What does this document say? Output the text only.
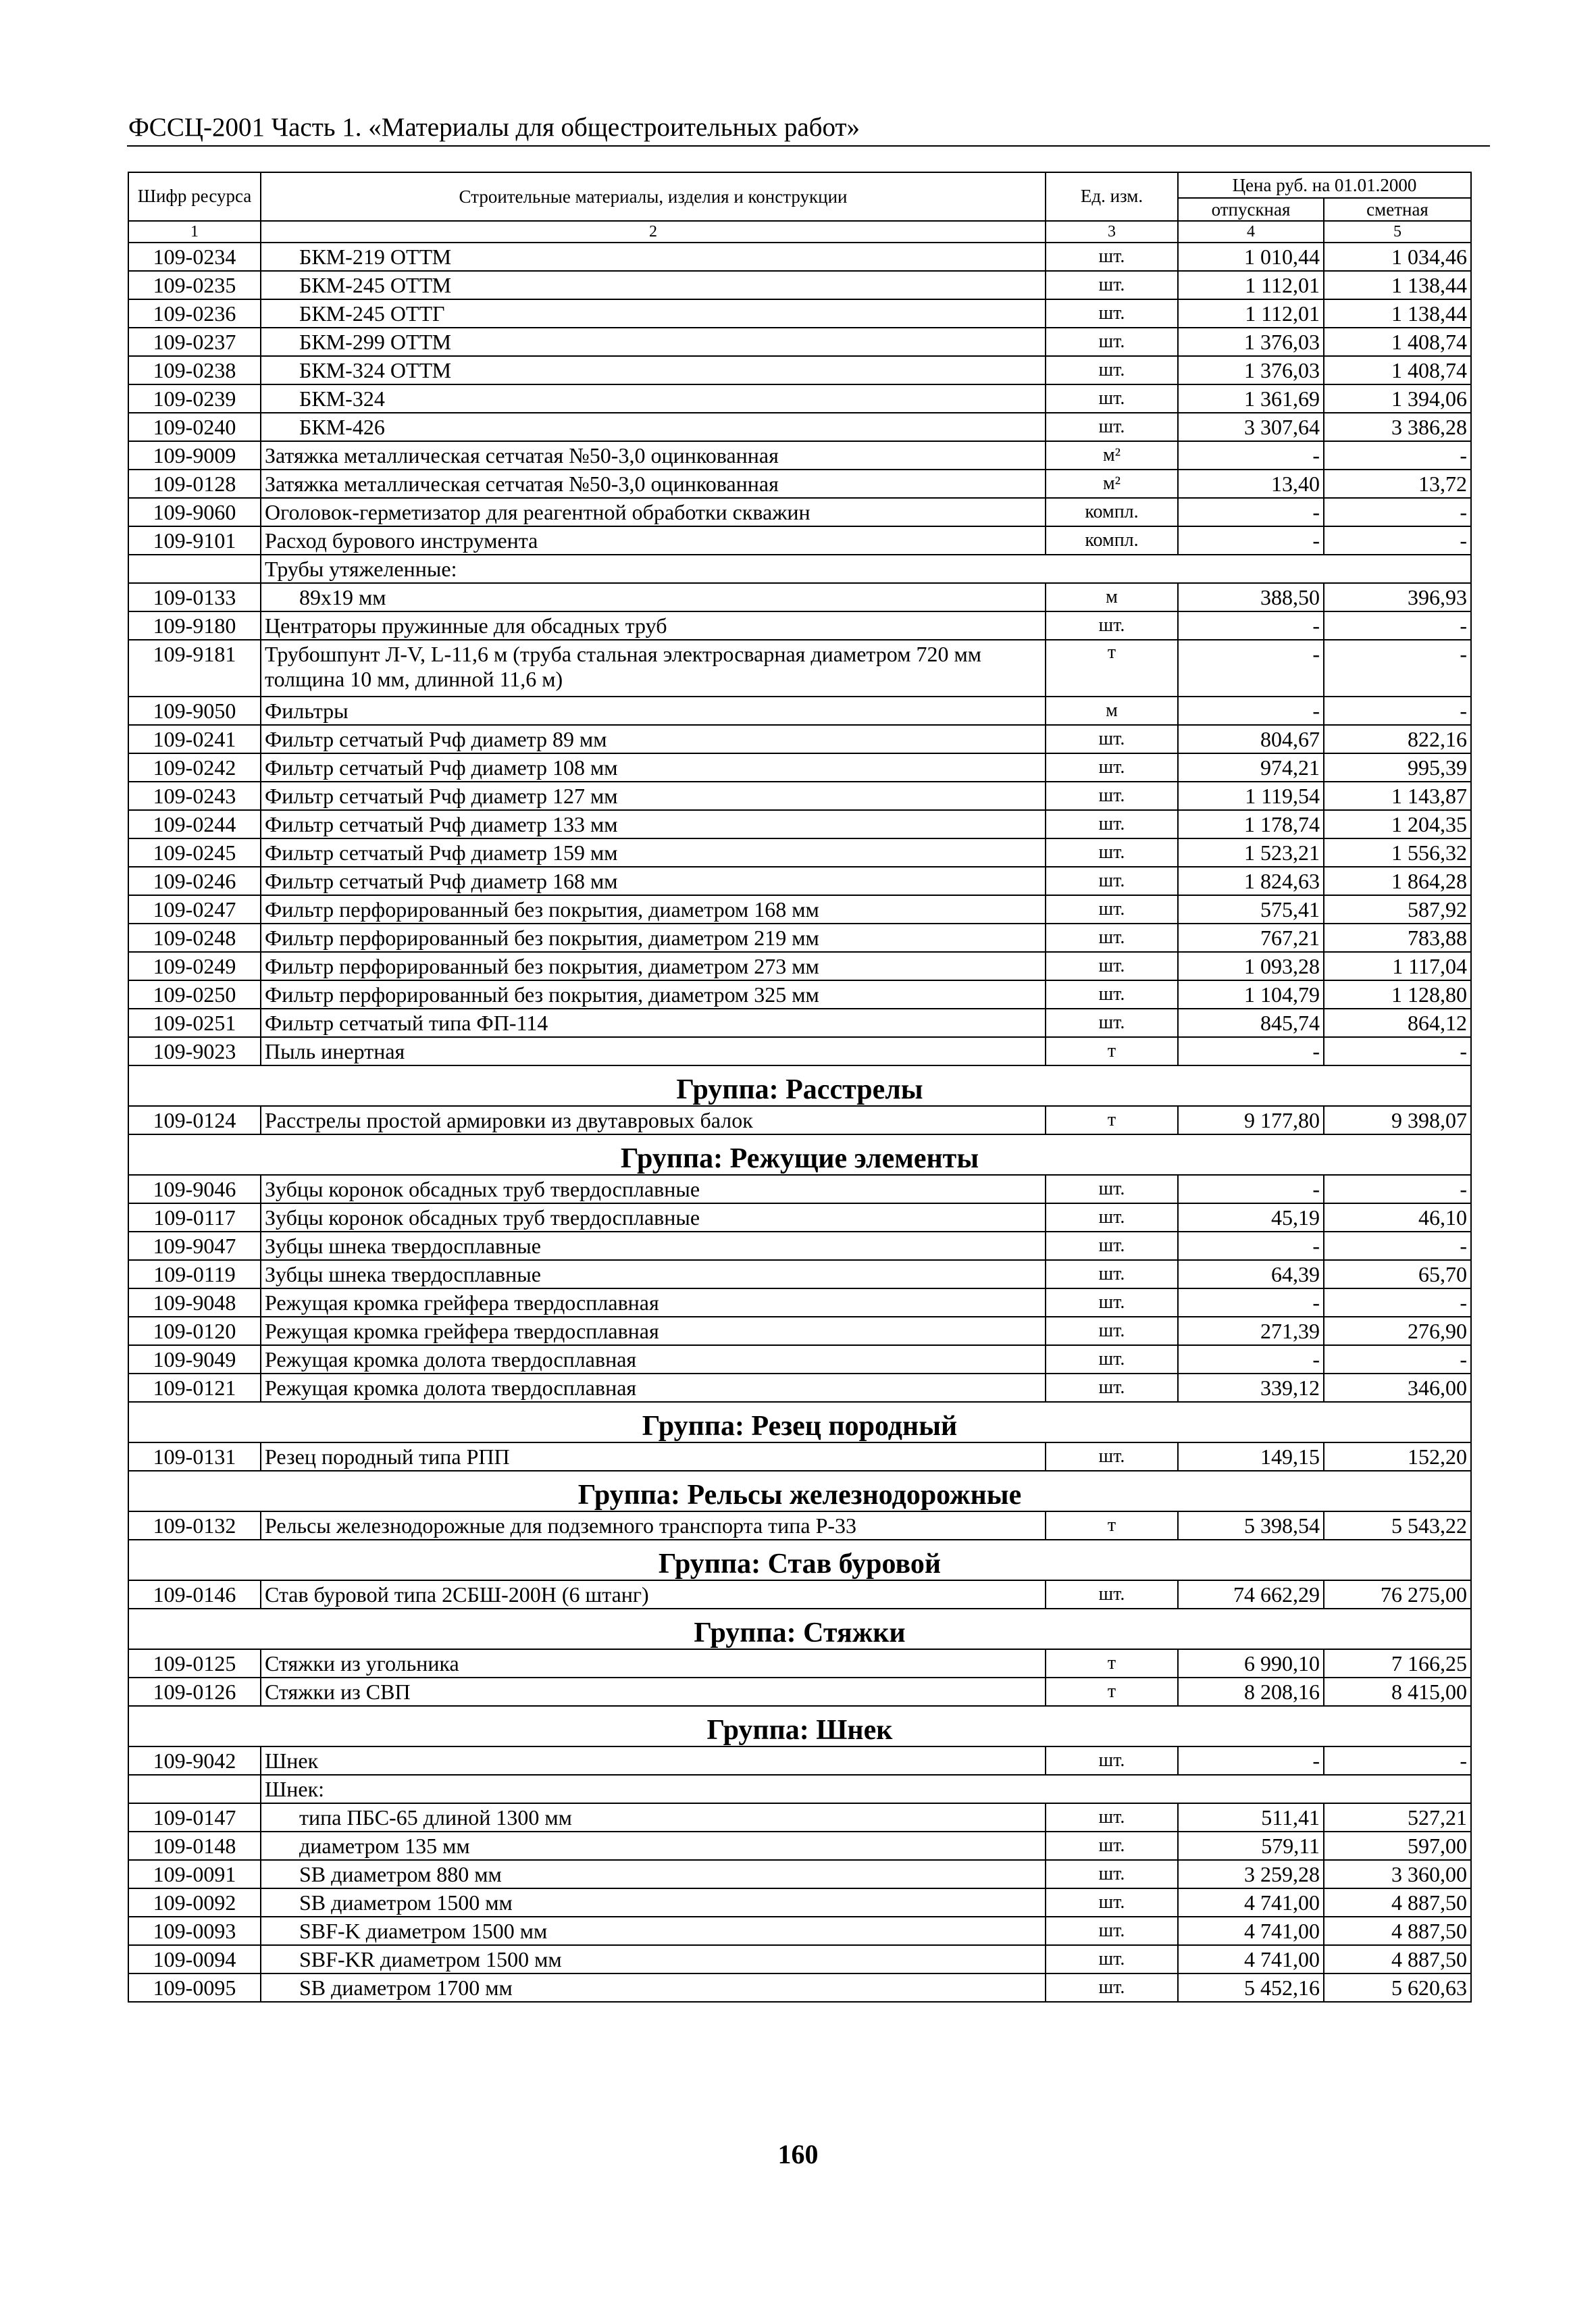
ФССЦ-2001 Часть 1. «Материалы для общестроительных работ»
Шифр ресурса	Строительные материалы, изделия и конструкции	Ед. изм.	Цена руб. на 01.01.2000	
			отпускная	сметная
1	2	3	4	5
109-0234	БКМ-219 ОТТМ	шт.	1 010,44	1 034,46
109-0235	БКМ-245 ОТТМ	шт.	1 112,01	1 138,44
109-0236	БКМ-245 ОТТГ	шт.	1 112,01	1 138,44
109-0237	БКМ-299 ОТТМ	шт.	1 376,03	1 408,74
109-0238	БКМ-324 ОТТМ	шт.	1 376,03	1 408,74
109-0239	БКМ-324	шт.	1 361,69	1 394,06
109-0240	БКМ-426	шт.	3 307,64	3 386,28
109-9009	Затяжка металлическая сетчатая №50-3,0 оцинкованная	м²	-	-
109-0128	Затяжка металлическая сетчатая №50-3,0 оцинкованная	м²	13,40	13,72
109-9060	Оголовок-герметизатор для реагентной обработки скважин	компл.	-	-
109-9101	Расход бурового инструмента	компл.	-	-
	Трубы утяжеленные:			
109-0133	89x19 мм	м	388,50	396,93
109-9180	Центраторы пружинные для обсадных труб	шт.	-	-
109-9181	Трубошпунт Л-V, L-11,6 м (труба стальная электросварная диаметром 720 мм толщина 10 мм, длинной 11,6 м)	т	-	-
109-9050	Фильтры	м	-	-
109-0241	Фильтр сетчатый Рчф диаметр 89 мм	шт.	804,67	822,16
109-0242	Фильтр сетчатый Рчф диаметр 108 мм	шт.	974,21	995,39
109-0243	Фильтр сетчатый Рчф диаметр 127 мм	шт.	1 119,54	1 143,87
109-0244	Фильтр сетчатый Рчф диаметр 133 мм	шт.	1 178,74	1 204,35
109-0245	Фильтр сетчатый Рчф диаметр 159 мм	шт.	1 523,21	1 556,32
109-0246	Фильтр сетчатый Рчф диаметр 168 мм	шт.	1 824,63	1 864,28
109-0247	Фильтр перфорированный без покрытия, диаметром 168 мм	шт.	575,41	587,92
109-0248	Фильтр перфорированный без покрытия, диаметром 219 мм	шт.	767,21	783,88
109-0249	Фильтр перфорированный без покрытия, диаметром 273 мм	шт.	1 093,28	1 117,04
109-0250	Фильтр перфорированный без покрытия, диаметром 325 мм	шт.	1 104,79	1 128,80
109-0251	Фильтр сетчатый типа ФП-114	шт.	845,74	864,12
109-9023	Пыль инертная	т	-	-
Группа: Расстрелы				
109-0124	Расстрелы простой армировки из двутавровых балок	т	9 177,80	9 398,07
Группа: Режущие элементы				
109-9046	Зубцы коронок обсадных труб твердосплавные	шт.	-	-
109-0117	Зубцы коронок обсадных труб твердосплавные	шт.	45,19	46,10
109-9047	Зубцы шнека твердосплавные	шт.	-	-
109-0119	Зубцы шнека твердосплавные	шт.	64,39	65,70
109-9048	Режущая кромка грейфера твердосплавная	шт.	-	-
109-0120	Режущая кромка грейфера твердосплавная	шт.	271,39	276,90
109-9049	Режущая кромка долота твердосплавная	шт.	-	-
109-0121	Режущая кромка долота твердосплавная	шт.	339,12	346,00
Группа: Резец породный				
109-0131	Резец породный типа РПП	шт.	149,15	152,20
Группа: Рельсы железнодорожные				
109-0132	Рельсы железнодорожные для подземного транспорта типа Р-33	т	5 398,54	5 543,22
Группа: Став буровой				
109-0146	Став буровой типа 2СБШ-200Н (6 штанг)	шт.	74 662,29	76 275,00
Группа: Стяжки				
109-0125	Стяжки из угольника	т	6 990,10	7 166,25
109-0126	Стяжки из СВП	т	8 208,16	8 415,00
Группа: Шнек				
109-9042	Шнек	шт.	-	-
	Шнек:			
109-0147	типа ПБС-65 длиной 1300 мм	шт.	511,41	527,21
109-0148	диаметром 135 мм	шт.	579,11	597,00
109-0091	SB диаметром 880 мм	шт.	3 259,28	3 360,00
109-0092	SB диаметром 1500 мм	шт.	4 741,00	4 887,50
109-0093	SBF-K диаметром 1500 мм	шт.	4 741,00	4 887,50
109-0094	SBF-KR диаметром 1500 мм	шт.	4 741,00	4 887,50
109-0095	SB диаметром 1700 мм	шт.	5 452,16	5 620,63
160
